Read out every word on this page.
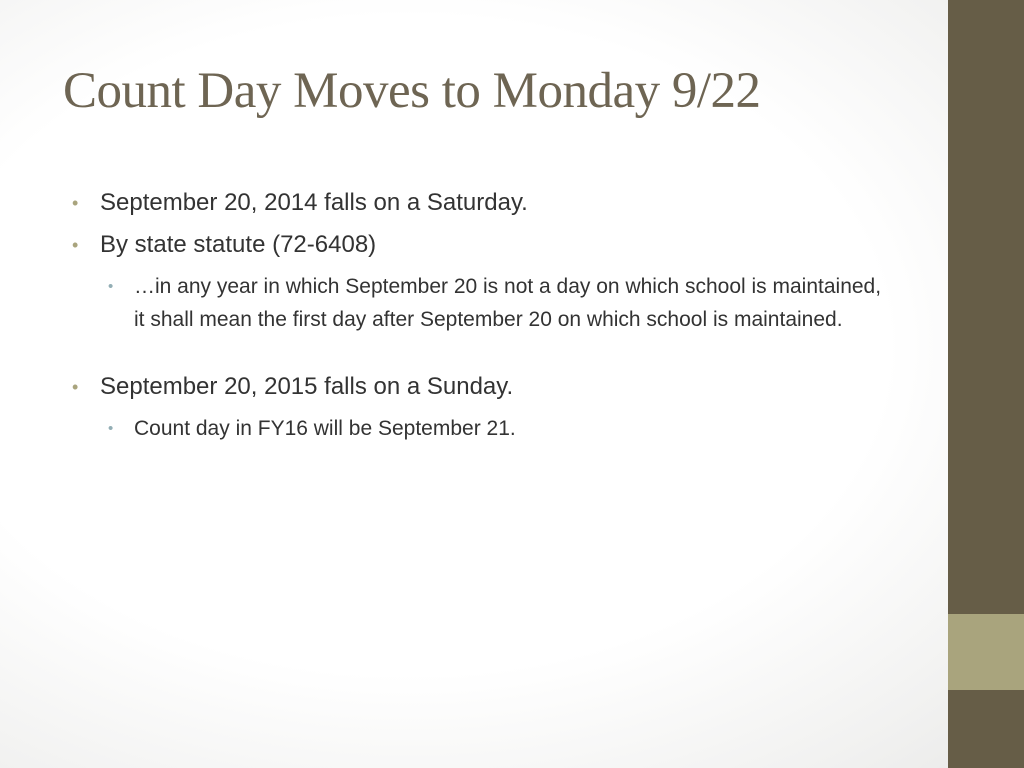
Count Day Moves to Monday 9/22
• September 20, 2014 falls on a Saturday.
• By state statute (72-6408)
• …in any year in which September 20 is not a day on which school is maintained, it shall mean the first day after September 20 on which school is maintained.
• September 20, 2015 falls on a Sunday.
• Count day in FY16 will be September 21.
